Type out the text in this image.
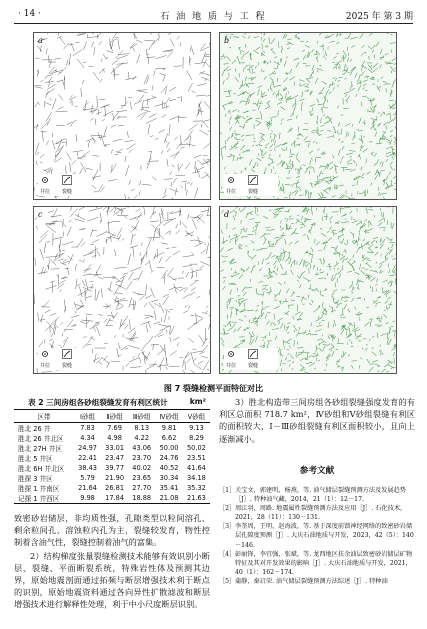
· 14 ·	石 油 地 质 与 工 程	2025 年 第 3 期
a
井位 裂缝
b
井位 裂缝
c
井位 裂缝
d
井位 裂缝
图 7 裂缝检测平面特征对比
表 2 三间房组各砂组裂缝发育有利区统计	km²
区带	Ⅰ砂组	Ⅱ砂组	Ⅲ砂组	Ⅳ砂组	Ⅴ砂组
胜北 26 井	7.83	7.69	8.13	9.81	9.13
胜北 26 井北区	4.34	4.98	4.22	6.62	8.29
胜北 27H 井区	24.97	33.01	43.06	50.00	50.02
胜北 5 井区	22.41	23.47	23.70	24.76	23.51
胜北 6H 井北区	38.43	39.77	40.02	40.52	41.64
胜探 3 井区	5.79	21.90	23.65	30.34	34.18
胜探 1 井南区	21.64	26.81	27.70	35.41	35.32
记探 1 井西区	9.98	17.84	18.88	21.08	21.63

致密砂岩储层，非均质性强，孔隙类型以粒间溶孔、剩余粒间孔、溶蚀粒内孔为主，裂缝较发育，物性控制着含油气性，裂缝控制着油气的富集。

2）结构梯度张量裂缝检测技术能够有效识别小断层、裂缝、平面断裂系统，特殊岩性体及预测其边界，原始地震剖面通过拓频与断层增强技术利于断点的识别，原始地震资料通过各向异性扩散滤波和断层增强技术进行解释性处理，利于中小尺度断层识别。

3）胜北构造带三间房组各砂组裂缝强度发育的有利区总面积 718.7 km²，Ⅳ砂组和Ⅴ砂组裂缝有利区的面积较大，Ⅰ－Ⅲ砂组裂缝有利区面积较小，且向上逐渐减小。

参考文献
［1］ 关宝文，郭建明，杨燕，等. 油气储层裂缝预测方法及发展趋势［J］. 特种油气藏，2014，21（1）：12－17.
［2］ 周江羽，周路. 地震属性裂缝预测方法及应用［J］. 石化技术，2021，28（11）：130－131.
［3］ 李奎周，王明，赵海波，等. 基于深度前馈神经网络的致密砂岩储层孔隙度预测［J］. 大庆石油地质与开发，2023，42（5）：140－146.
［4］ 彭丽锋，李宜强，张斌，等. 龙西地区扶余油层致密砂岩储层矿物特征及其对开发效果的影响［J］. 大庆石油地质与开发，2021，40（1）：162－174.
［5］ 蒲静，秦启荣. 油气储层裂缝预测方法综述［J］. 特种油
